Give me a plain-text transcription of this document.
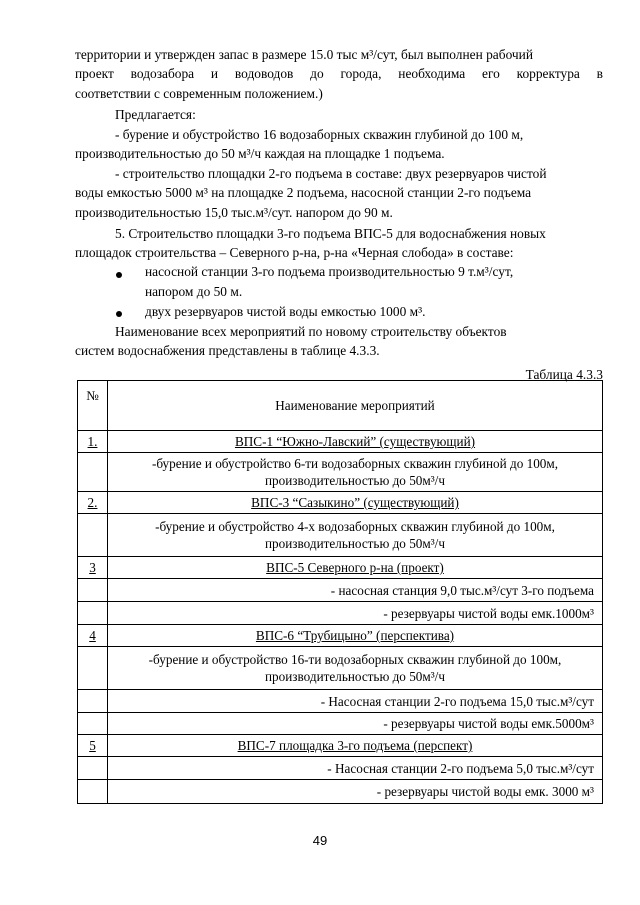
территории и утвержден запас в размере 15.0 тыс м³/сут, был выполнен рабочий
проект водозабора и водоводов до города, необходима его корректура в
соответствии с современным положением.)

Предлагается:

- бурение и обустройство 16 водозаборных скважин глубиной до 100 м,
производительностью до 50 м³/ч каждая на площадке 1 подъема.

- строительство площадки 2-го подъема в составе: двух резервуаров чистой
воды емкостью 5000 м³ на площадке 2 подъема, насосной станции 2-го подъема
производительностью 15,0 тыс.м³/сут. напором до 90 м.

5. Строительство площадки 3-го подъема ВПС-5 для водоснабжения новых
площадок строительства – Северного р-на, р-на «Черная слобода» в составе:

насосной станции 3-го подъема производительностью 9 т.м³/сут,
напором до 50 м.
двух резервуаров чистой воды емкостью 1000 м³.

Наименование всех мероприятий по новому строительству объектов
систем водоснабжения представлены в таблице 4.3.3.

Таблица 4.3.3
№	Наименование мероприятий
1.	ВПС-1 “Южно-Лавский” (существующий)
	-бурение и обустройство 6-ти водозаборных скважин глубиной до 100м, производительностью до 50м³/ч
2.	ВПС-3 “Сазыкино” (существующий)
	-бурение и обустройство 4-х водозаборных скважин глубиной до 100м, производительностью до 50м³/ч
3	ВПС-5 Северного р-на (проект)
	- насосная станция 9,0 тыс.м³/сут 3-го подъема
	- резервуары чистой воды емк.1000м³
4	ВПС-6 “Трубицыно” (перспектива)
	-бурение и обустройство 16-ти водозаборных скважин глубиной до 100м, производительностью до 50м³/ч
	- Насосная станции 2-го подъема 15,0 тыс.м³/сут
	- резервуары чистой воды емк.5000м³
5	ВПС-7 площадка 3-го подъема (перспект)
	- Насосная станции 2-го подъема 5,0 тыс.м³/сут
	- резервуары чистой воды емк. 3000 м³
49
